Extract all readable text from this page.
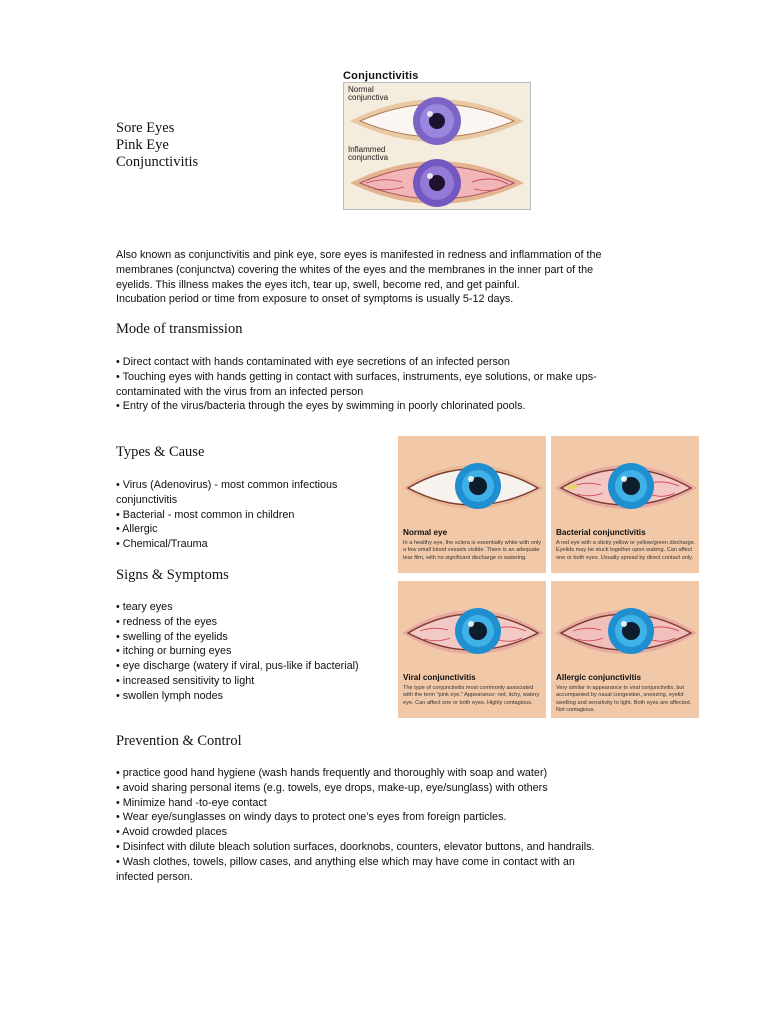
Sore Eyes
Pink Eye
Conjunctivitis
Conjunctivitis
Normal
conjunctiva
Inflammed
conjunctiva
Also known as conjunctivitis and pink eye, sore eyes is manifested in redness and inflammation of the
membranes (conjunctva) covering the whites of the eyes and the membranes in the inner part of the
eyelids. This illness makes the eyes itch, tear up, swell, become red, and get painful.
Incubation period or time from exposure to onset of symptoms is usually 5-12 days.
Mode of transmission
• Direct contact with hands contaminated with eye secretions of an infected person
• Touching eyes with hands getting in contact with surfaces, instruments, eye solutions, or make ups-
contaminated with the virus from an infected person
• Entry of the virus/bacteria through the eyes by swimming in poorly chlorinated pools.
Types & Cause
• Virus (Adenovirus) - most common infectious
conjunctivitis
• Bacterial - most common in children
• Allergic
• Chemical/Trauma
Signs & Symptoms
• teary eyes
• redness of the eyes
• swelling of the eyelids
• itching or burning eyes
• eye discharge (watery if viral, pus-like if bacterial)
• increased sensitivity to light
• swollen lymph nodes
Normal eye
In a healthy eye, the sclera is essentially white with only a few small blood vessels visible. There is an adequate tear film, with no significant discharge or watering.
Bacterial conjunctivitis
A red eye with a sticky yellow or yellow/green discharge. Eyelids may be stuck together upon waking. Can affect one or both eyes. Usually spread by direct contact only.
Viral conjunctivitis
The type of conjunctivitis most commonly associated with the term "pink eye." Appearance: red, itchy, watery eye. Can affect one or both eyes. Highly contagious.
Allergic conjunctivitis
Very similar in appearance to viral conjunctivitis, but accompanied by nasal congestion, sneezing, eyelid swelling and sensitivity to light. Both eyes are affected. Not contagious.
Prevention & Control
• practice good hand hygiene (wash hands frequently and thoroughly with soap and water)
• avoid sharing personal items (e.g. towels, eye drops, make-up, eye/sunglass) with others
• Minimize hand -to-eye contact
• Wear eye/sunglasses on windy days to protect one’s eyes from foreign particles.
• Avoid crowded places
• Disinfect with dilute bleach solution surfaces, doorknobs, counters, elevator buttons, and handrails.
• Wash clothes, towels, pillow cases, and anything else which may have come in contact with an
infected person.
